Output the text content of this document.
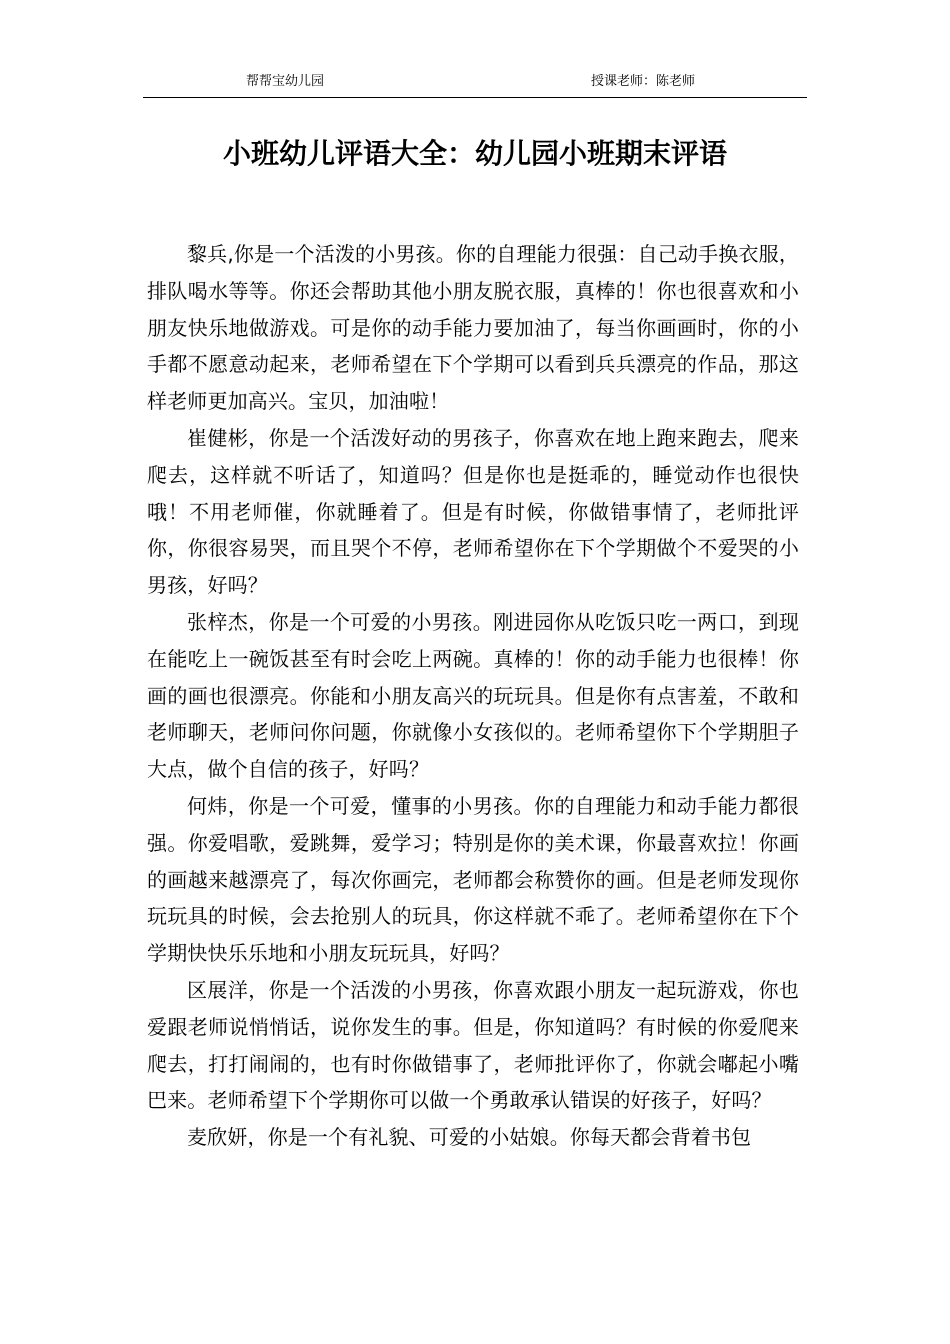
帮帮宝幼儿园	授课老师：陈老师
小班幼儿评语大全：幼儿园小班期末评语

黎兵,你是一个活泼的小男孩。你的自理能力很强：自己动手换衣服，排队喝水等等。你还会帮助其他小朋友脱衣服，真棒的！你也很喜欢和小朋友快乐地做游戏。可是你的动手能力要加油了，每当你画画时，你的小手都不愿意动起来，老师希望在下个学期可以看到兵兵漂亮的作品，那这样老师更加高兴。宝贝，加油啦！

崔健彬，你是一个活泼好动的男孩子，你喜欢在地上跑来跑去，爬来爬去，这样就不听话了，知道吗？但是你也是挺乖的，睡觉动作也很快哦！不用老师催，你就睡着了。但是有时候，你做错事情了，老师批评你，你很容易哭，而且哭个不停，老师希望你在下个学期做个不爱哭的小男孩，好吗？

张梓杰，你是一个可爱的小男孩。刚进园你从吃饭只吃一两口，到现在能吃上一碗饭甚至有时会吃上两碗。真棒的！你的动手能力也很棒！你画的画也很漂亮。你能和小朋友高兴的玩玩具。但是你有点害羞，不敢和老师聊天，老师问你问题，你就像小女孩似的。老师希望你下个学期胆子大点，做个自信的孩子，好吗？

何炜，你是一个可爱，懂事的小男孩。你的自理能力和动手能力都很强。你爱唱歌，爱跳舞，爱学习；特别是你的美术课，你最喜欢拉！你画的画越来越漂亮了，每次你画完，老师都会称赞你的画。但是老师发现你玩玩具的时候，会去抢别人的玩具，你这样就不乖了。老师希望你在下个学期快快乐乐地和小朋友玩玩具，好吗？

区展洋，你是一个活泼的小男孩，你喜欢跟小朋友一起玩游戏，你也爱跟老师说悄悄话，说你发生的事。但是，你知道吗？有时候的你爱爬来爬去，打打闹闹的，也有时你做错事了，老师批评你了，你就会嘟起小嘴巴来。老师希望下个学期你可以做一个勇敢承认错误的好孩子，好吗？

麦欣妍，你是一个有礼貌、可爱的小姑娘。你每天都会背着书包
